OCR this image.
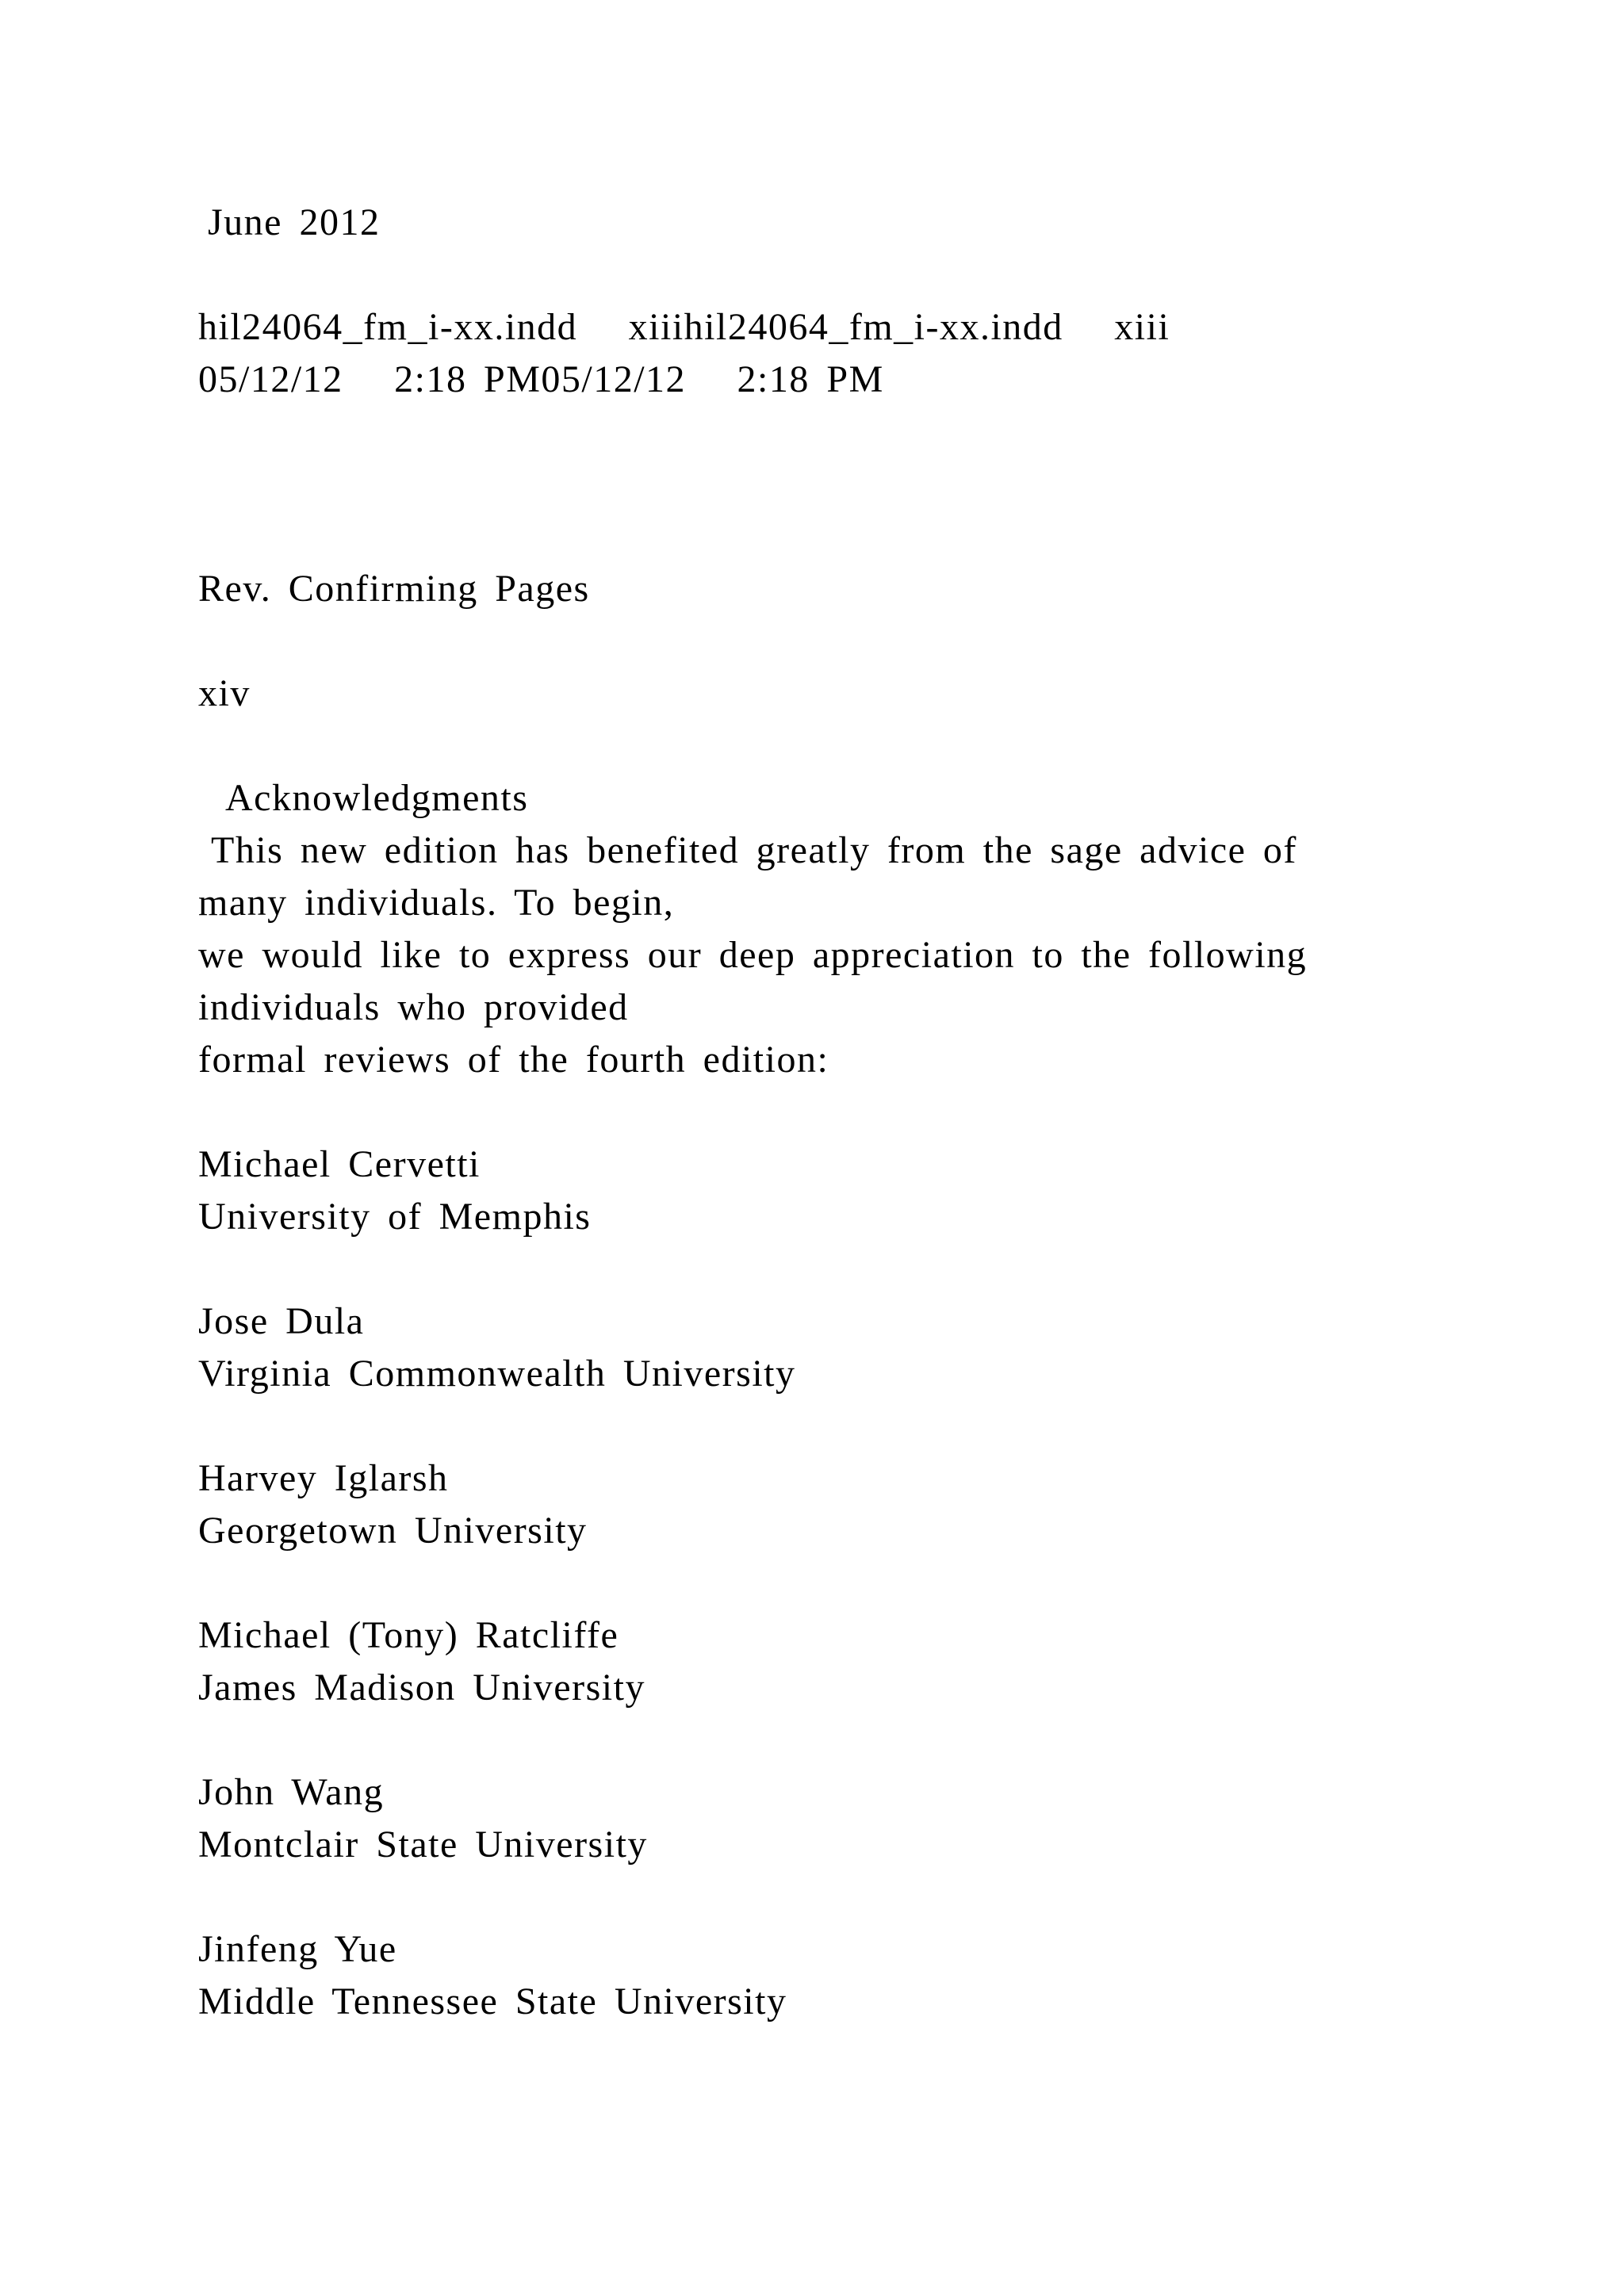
June 2012
hil24064_fm_i-xx.indd   xiiihil24064_fm_i-xx.indd   xiii
05/12/12   2:18 PM05/12/12   2:18 PM
Rev. Confirming Pages
xiv
Acknowledgments
This new edition has benefited greatly from the sage advice of
many individuals. To begin,
we would like to express our deep appreciation to the following
individuals who provided
formal reviews of the fourth edition:
Michael Cervetti
University of Memphis
Jose Dula
Virginia Commonwealth University
Harvey Iglarsh
Georgetown University
Michael (Tony) Ratcliffe
James Madison University
John Wang
Montclair State University
Jinfeng Yue
Middle Tennessee State University
